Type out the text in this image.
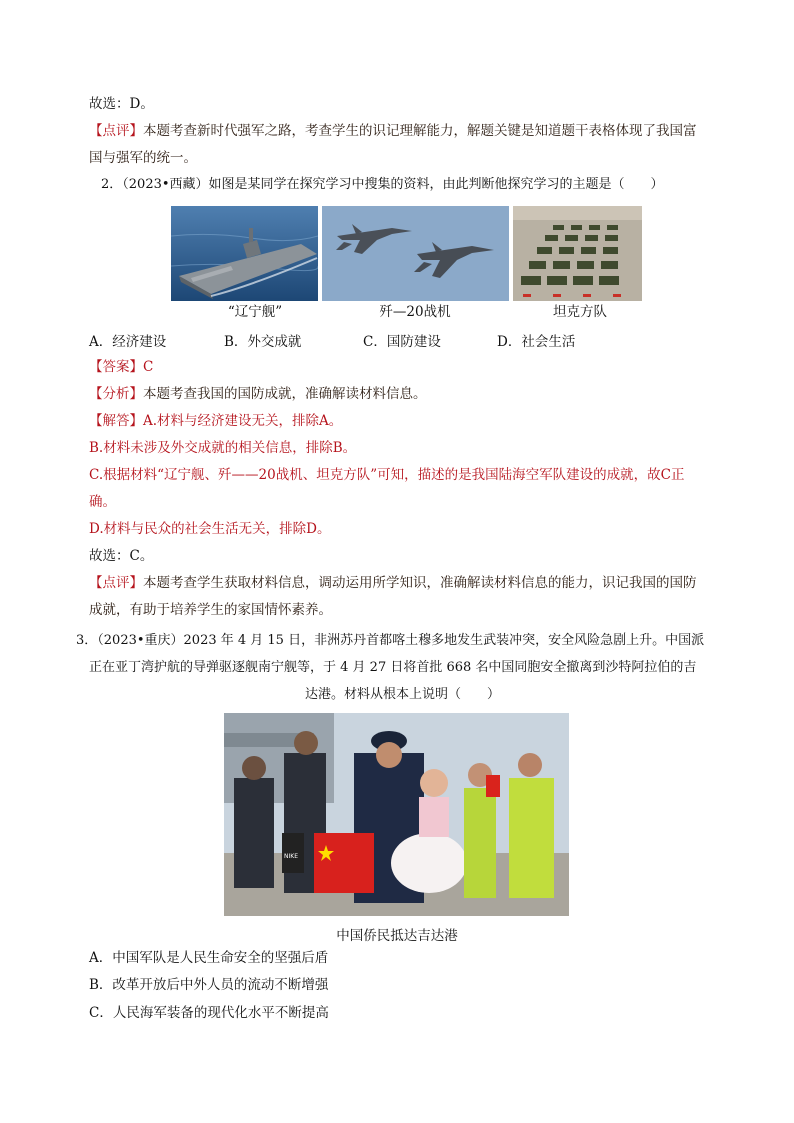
故选：D。
【点评】本题考查新时代强军之路，考查学生的识记理解能力，解题关键是知道题干表格体现了我国富
国与强军的统一。
2．（2023•西藏）如图是某同学在探究学习中搜集的资料，由此判断他探究学习的主题是（　　）
“辽宁舰”	歼—20战机	坦克方队
A．经济建设	B．外交成就	C．国防建设	D．社会生活
【答案】C
【分析】本题考查我国的国防成就，准确解读材料信息。
【解答】A.材料与经济建设无关，排除A。
B.材料未涉及外交成就的相关信息，排除B。
C.根据材料“辽宁舰、歼——20战机、坦克方队”可知，描述的是我国陆海空军队建设的成就，故C正
确。
D.材料与民众的社会生活无关，排除D。
故选：C。
【点评】本题考查学生获取材料信息，调动运用所学知识，准确解读材料信息的能力，识记我国的国防
成就，有助于培养学生的家国情怀素养。
3．（2023•重庆）2023 年 4 月 15 日，非洲苏丹首都喀土穆多地发生武装冲突，安全风险急剧上升。中国派
正在亚丁湾护航的导弹驱逐舰南宁舰等，于 4 月 27 日将首批 668 名中国同胞安全撤离到沙特阿拉伯的吉
达港。材料从根本上说明（　　）
NIKE
中国侨民抵达吉达港
A．中国军队是人民生命安全的坚强后盾
B．改革开放后中外人员的流动不断增强
C．人民海军装备的现代化水平不断提高
